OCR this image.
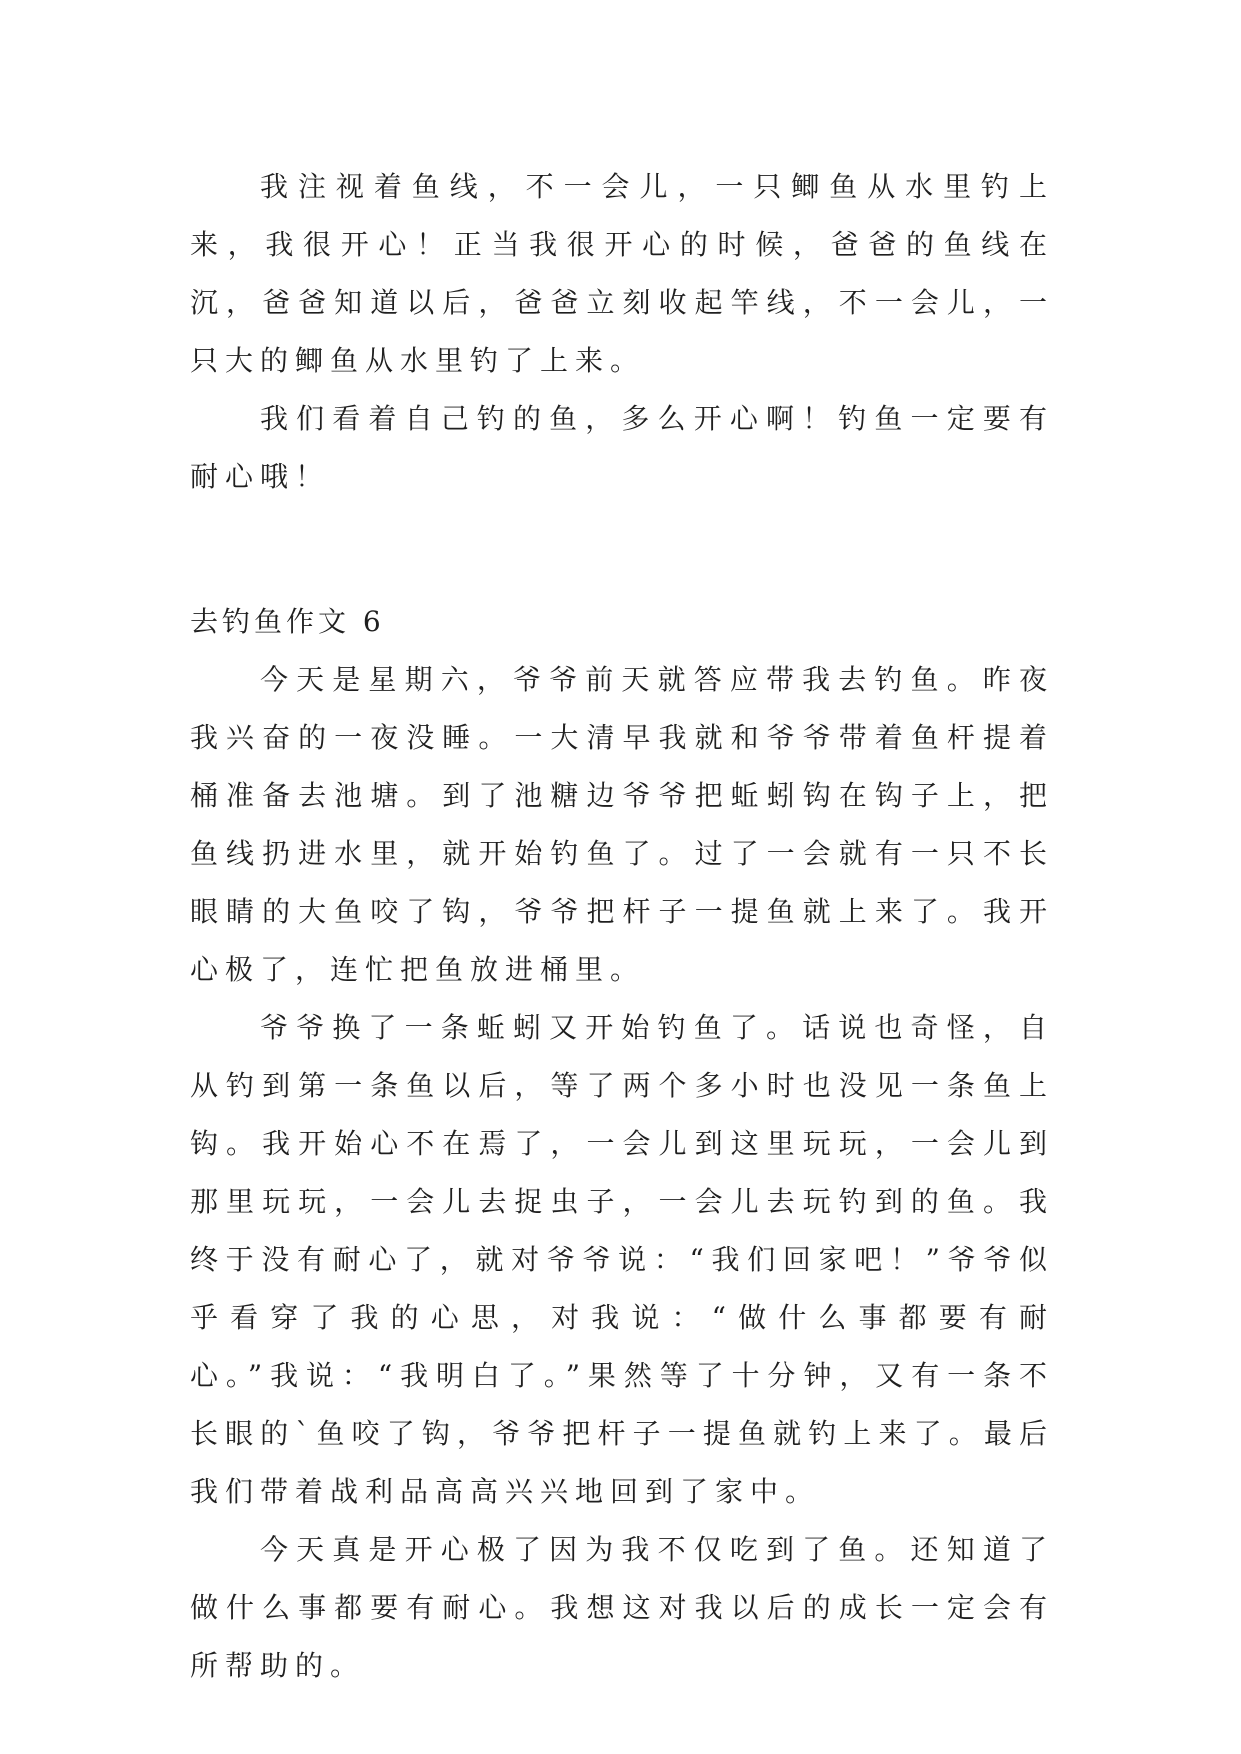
我注视着鱼线，不一会儿，一只鲫鱼从水里钓上来，我很开心！正当我很开心的时候，爸爸的鱼线在沉，爸爸知道以后，爸爸立刻收起竿线，不一会儿，一只大的鲫鱼从水里钓了上来。

我们看着自己钓的鱼，多么开心啊！钓鱼一定要有耐心哦！

去钓鱼作文 6

今天是星期六，爷爷前天就答应带我去钓鱼。昨夜我兴奋的一夜没睡。一大清早我就和爷爷带着鱼杆提着桶准备去池塘。到了池糖边爷爷把蚯蚓钩在钩子上，把鱼线扔进水里，就开始钓鱼了。过了一会就有一只不长眼睛的大鱼咬了钩，爷爷把杆子一提鱼就上来了。我开心极了，连忙把鱼放进桶里。

爷爷换了一条蚯蚓又开始钓鱼了。话说也奇怪，自从钓到第一条鱼以后，等了两个多小时也没见一条鱼上钩。我开始心不在焉了，一会儿到这里玩玩，一会儿到那里玩玩，一会儿去捉虫子，一会儿去玩钓到的鱼。我终于没有耐心了，就对爷爷说：“我们回家吧！”爷爷似乎看穿了我的心思，对我说：“做什么事都要有耐心。”我说：“我明白了。”果然等了十分钟，又有一条不长眼的`鱼咬了钩，爷爷把杆子一提鱼就钓上来了。最后我们带着战利品高高兴兴地回到了家中。

今天真是开心极了因为我不仅吃到了鱼。还知道了做什么事都要有耐心。我想这对我以后的成长一定会有所帮助的。
